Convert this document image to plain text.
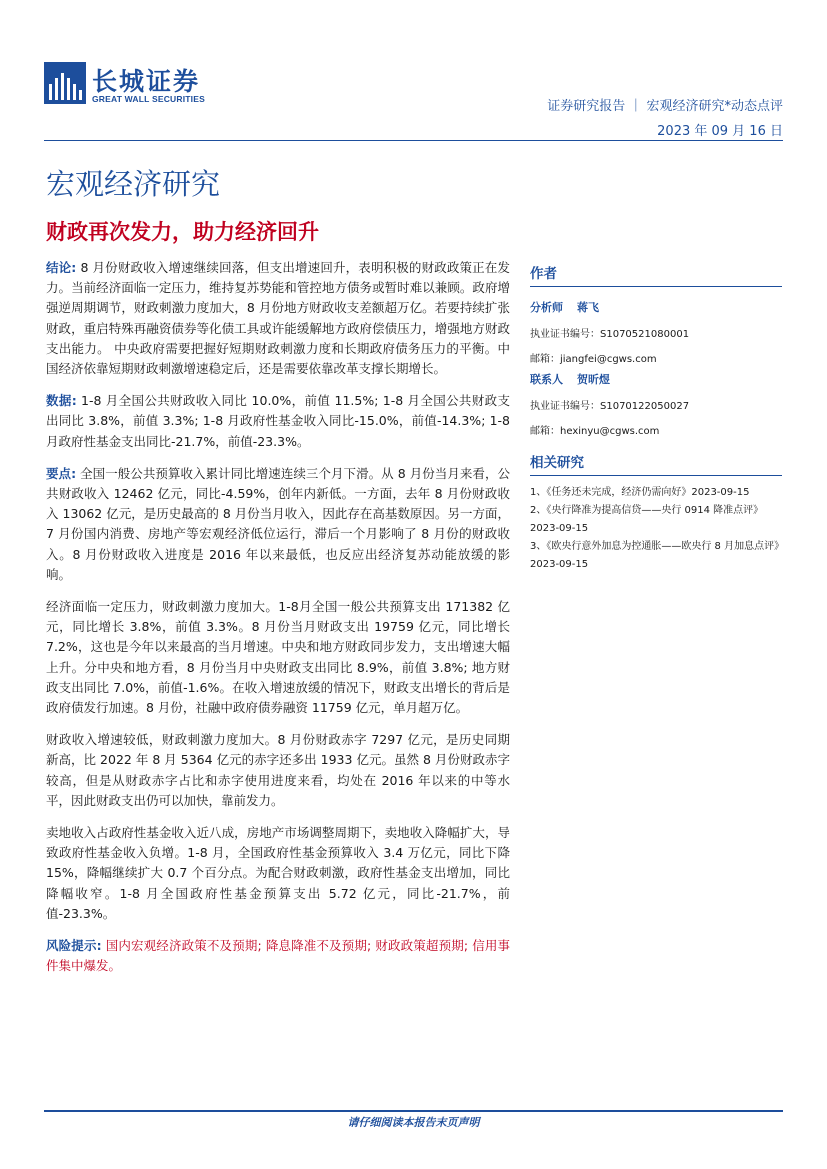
长城证券
GREAT WALL SECURITIES	证券研究报告 ｜ 宏观经济研究*动态点评
2023 年 09 月 16 日
宏观经济研究
财政再次发力，助力经济回升

结论: 8 月份财政收入增速继续回落，但支出增速回升，表明积极的财政政策正在发力。当前经济面临一定压力，维持复苏势能和管控地方债务或暂时难以兼顾。政府增强逆周期调节，财政刺激力度加大，8 月份地方财政收支差额超万亿。若要持续扩张财政，重启特殊再融资债券等化债工具或许能缓解地方政府偿债压力，增强地方财政支出能力。 中央政府需要把握好短期财政刺激力度和长期政府债务压力的平衡。中国经济依靠短期财政刺激增速稳定后，还是需要依靠改革支撑长期增长。

数据: 1-8 月全国公共财政收入同比 10.0%，前值 11.5%; 1-8 月全国公共财政支出同比 3.8%，前值 3.3%; 1-8 月政府性基金收入同比-15.0%，前值-14.3%; 1-8 月政府性基金支出同比-21.7%，前值-23.3%。

要点: 全国一般公共预算收入累计同比增速连续三个月下滑。从 8 月份当月来看，公共财政收入 12462 亿元，同比-4.59%，创年内新低。一方面，去年 8 月份财政收入 13062 亿元，是历史最高的 8 月份当月收入，因此存在高基数原因。另一方面，7 月份国内消费、房地产等宏观经济低位运行，滞后一个月影响了 8 月份的财政收入。8 月份财政收入进度是 2016 年以来最低，也反应出经济复苏动能放缓的影响。

经济面临一定压力，财政刺激力度加大。1-8月全国一般公共预算支出 171382 亿元，同比增长 3.8%，前值 3.3%。8 月份当月财政支出 19759 亿元，同比增长 7.2%，这也是今年以来最高的当月增速。中央和地方财政同步发力，支出增速大幅上升。分中央和地方看，8 月份当月中央财政支出同比 8.9%，前值 3.8%; 地方财政支出同比 7.0%，前值-1.6%。在收入增速放缓的情况下，财政支出增长的背后是政府债发行加速。8 月份，社融中政府债券融资 11759 亿元，单月超万亿。

财政收入增速较低，财政刺激力度加大。8 月份财政赤字 7297 亿元，是历史同期新高，比 2022 年 8 月 5364 亿元的赤字还多出 1933 亿元。虽然 8 月份财政赤字较高，但是从财政赤字占比和赤字使用进度来看，均处在 2016 年以来的中等水平，因此财政支出仍可以加快，靠前发力。

卖地收入占政府性基金收入近八成，房地产市场调整周期下，卖地收入降幅扩大，导致政府性基金收入负增。1-8 月，全国政府性基金预算收入 3.4 万亿元，同比下降 15%，降幅继续扩大 0.7 个百分点。为配合财政刺激，政府性基金支出增加，同比降幅收窄。1-8 月全国政府性基金预算支出 5.72 亿元，同比-21.7%，前值-23.3%。

风险提示: 国内宏观经济政策不及预期; 降息降准不及预期; 财政政策超预期; 信用事件集中爆发。

作者
分析师 蒋飞
执业证书编号：S1070521080001
邮箱：jiangfei@cgws.com
联系人 贺昕煜
执业证书编号：S1070122050027
邮箱：hexinyu@cgws.com
相关研究
1、《任务还未完成，经济仍需向好》2023-09-15
2、《央行降准为提高信贷——央行 0914 降准点评》2023-09-15
3、《欧央行意外加息为控通胀——欧央行 8 月加息点评》2023-09-15
请仔细阅读本报告末页声明
